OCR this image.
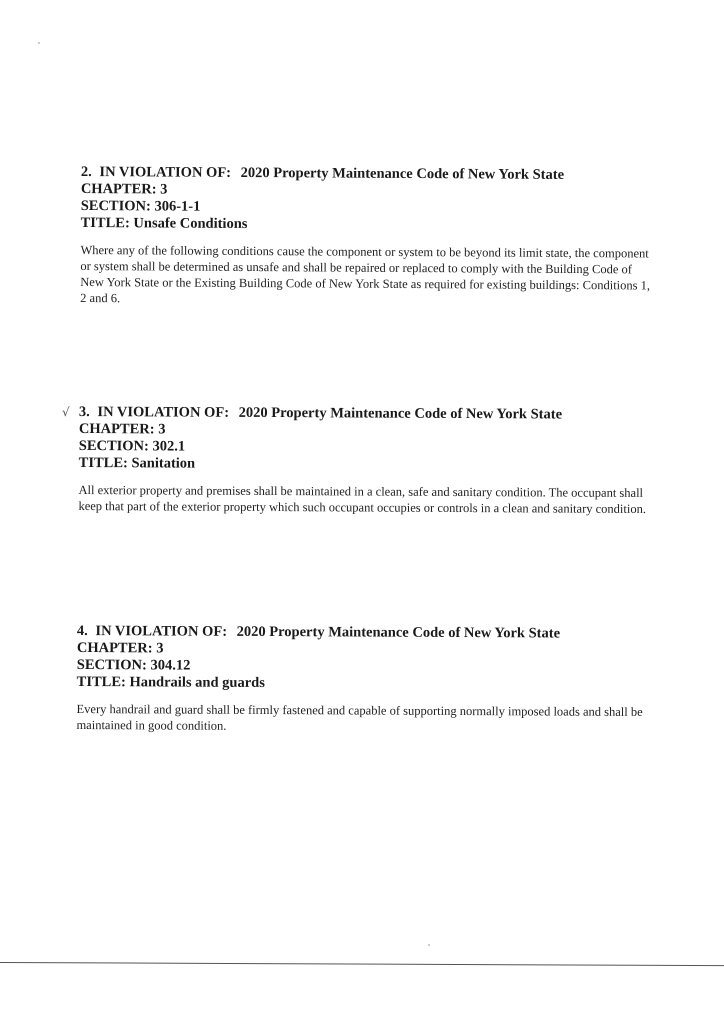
√
2. IN VIOLATION OF: 2020 Property Maintenance Code of New York State
CHAPTER: 3
SECTION: 306-1-1
TITLE: Unsafe Conditions
Where any of the following conditions cause the component or system to be beyond its limit state, the component or system shall be determined as unsafe and shall be repaired or replaced to comply with the Building Code of New York State or the Existing Building Code of New York State as required for existing buildings: Conditions 1, 2 and 6.
3. IN VIOLATION OF: 2020 Property Maintenance Code of New York State
CHAPTER: 3
SECTION: 302.1
TITLE: Sanitation
All exterior property and premises shall be maintained in a clean, safe and sanitary condition. The occupant shall keep that part of the exterior property which such occupant occupies or controls in a clean and sanitary condition.
4. IN VIOLATION OF: 2020 Property Maintenance Code of New York State
CHAPTER: 3
SECTION: 304.12
TITLE: Handrails and guards
Every handrail and guard shall be firmly fastened and capable of supporting normally imposed loads and shall be maintained in good condition.
